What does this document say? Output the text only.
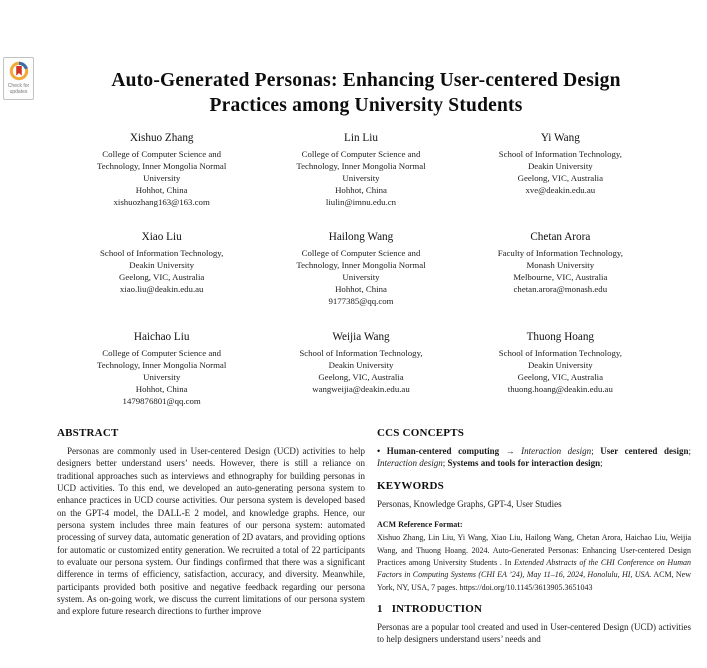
Check for
updates
Auto-Generated Personas: Enhancing User-centered Design
Practices among University Students
Xishuo Zhang
College of Computer Science and
Technology, Inner Mongolia Normal
University
Hohhot, China
xishuozhang163@163.com
Lin Liu
College of Computer Science and
Technology, Inner Mongolia Normal
University
Hohhot, China
liulin@imnu.edu.cn
Yi Wang
School of Information Technology,
Deakin University
Geelong, VIC, Australia
xve@deakin.edu.au
Xiao Liu
School of Information Technology,
Deakin University
Geelong, VIC, Australia
xiao.liu@deakin.edu.au
Hailong Wang
College of Computer Science and
Technology, Inner Mongolia Normal
University
Hohhot, China
9177385@qq.com
Chetan Arora
Faculty of Information Technology,
Monash University
Melbourne, VIC, Australia
chetan.arora@monash.edu
Haichao Liu
College of Computer Science and
Technology, Inner Mongolia Normal
University
Hohhot, China
1479876801@qq.com
Weijia Wang
School of Information Technology,
Deakin University
Geelong, VIC, Australia
wangweijia@deakin.edu.au
Thuong Hoang
School of Information Technology,
Deakin University
Geelong, VIC, Australia
thuong.hoang@deakin.edu.au
ABSTRACT

Personas are commonly used in User-centered Design (UCD) activities to help designers better understand users’ needs. However, there is still a reliance on traditional approaches such as interviews and ethnography for building personas in UCD activities. To this end, we developed an auto-generating persona system to enhance practices in UCD course activities. Our persona system is developed based on the GPT-4 model, the DALL-E 2 model, and knowledge graphs. Hence, our persona system includes three main features of our persona system: automated processing of survey data, automatic generation of 2D avatars, and providing options for automatic or customized entity generation. We recruited a total of 22 participants to evaluate our persona system. Our findings confirmed that there was a significant difference in terms of efficiency, satisfaction, accuracy, and diversity. Meanwhile, participants provided both positive and negative feedback regarding our persona system. As on-going work, we discuss the current limitations of our persona system and explore future research directions to further improve

CCS CONCEPTS

• Human-centered computing → Interaction design; User centered design; Interaction design; Systems and tools for interaction design;

KEYWORDS

Personas, Knowledge Graphs, GPT-4, User Studies

ACM Reference Format:

Xishuo Zhang, Lin Liu, Yi Wang, Xiao Liu, Hailong Wang, Chetan Arora, Haichao Liu, Weijia Wang, and Thuong Hoang. 2024. Auto-Generated Personas: Enhancing User-centered Design Practices among University Students . In Extended Abstracts of the CHI Conference on Human Factors in Computing Systems (CHI EA ’24), May 11–16, 2024, Honolulu, HI, USA. ACM, New York, NY, USA, 7 pages. https://doi.org/10.1145/3613905.3651043

1 INTRODUCTION

Personas are a popular tool created and used in User-centered Design (UCD) activities to help designers understand users’ needs and
